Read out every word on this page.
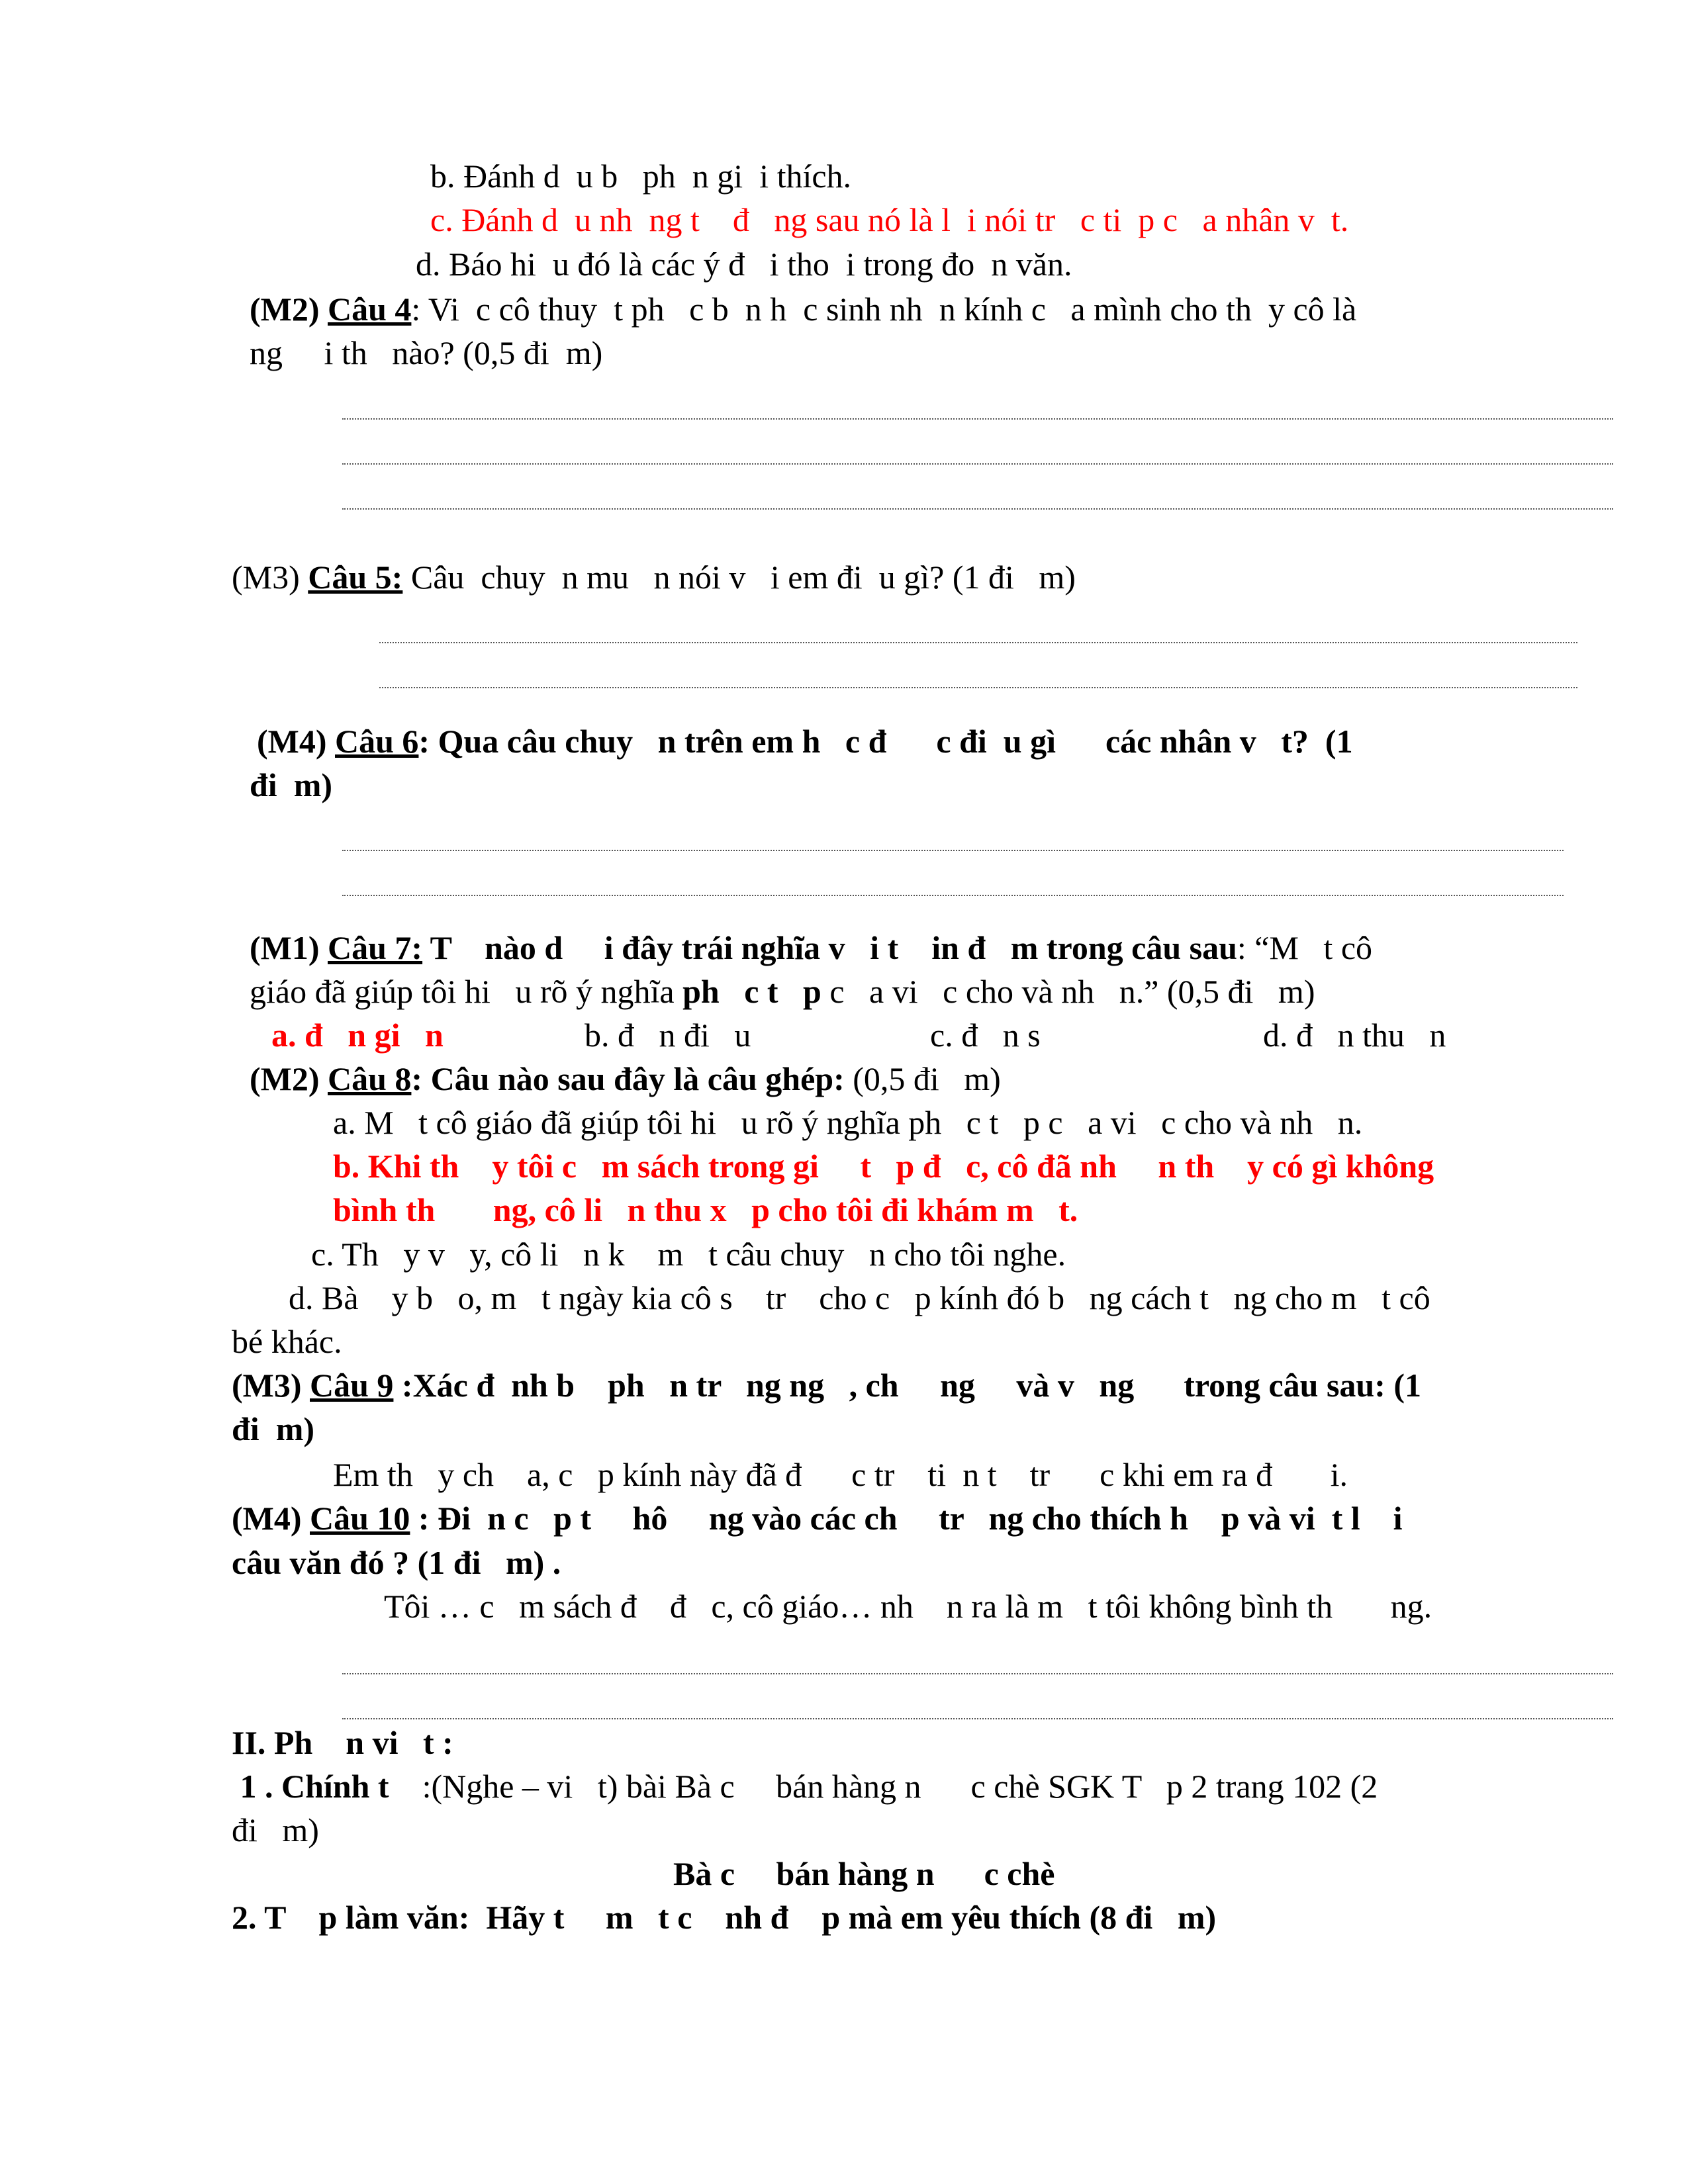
b. Đánh d  u b   ph  n gi  i thích.
c. Đánh d  u nh  ng t    đ   ng sau nó là l  i nói tr   c ti  p c   a nhân v  t.
d. Báo hi  u đó là các ý đ   i tho  i trong đo  n văn.
(M2) Câu 4: Vi  c cô thuy  t ph   c b  n h  c sinh nh  n kính c   a mình cho th  y cô là
ng     i th   nào? (0,5 đi  m)
(M3) Câu 5: Câu  chuy  n mu   n nói v   i em đi  u gì? (1 đi   m)
(M4) Câu 6: Qua câu chuy   n trên em h   c đ      c đi  u gì      các nhân v   t?  (1
đi  m)
(M1) Câu 7: T    nào d     i đây trái nghĩa v   i t    in đ   m trong câu sau: “M   t cô
giáo đã giúp tôi hi   u rõ ý nghĩa ph   c t   p c   a vi   c cho và nh   n.” (0,5 đi   m)
a. đ   n gi   n	b. đ   n đi   u	c. đ   n s	d. đ   n thu   n
(M2) Câu 8: Câu nào sau đây là câu ghép: (0,5 đi   m)
a. M   t cô giáo đã giúp tôi hi   u rõ ý nghĩa ph   c t   p c   a vi   c cho và nh   n.
b. Khi th    y tôi c   m sách trong gi     t   p đ   c, cô đã nh     n th    y có gì không
bình th       ng, cô li   n thu x   p cho tôi đi khám m   t.
c. Th   y v   y, cô li   n k    m   t câu chuy   n cho tôi nghe.
d. Bà    y b   o, m   t ngày kia cô s    tr    cho c   p kính đó b   ng cách t   ng cho m   t cô
bé khác.
(M3) Câu 9 :Xác đ  nh b    ph   n tr   ng ng   , ch     ng     và v   ng      trong câu sau: (1
đi  m)
Em th   y ch    a, c   p kính này đã đ      c tr    ti  n t    tr      c khi em ra đ       i.
(M4) Câu 10 : Đi  n c   p t     hô     ng vào các ch     tr   ng cho thích h    p và vi  t l    i
câu văn đó ? (1 đi   m) .
Tôi … c   m sách đ    đ   c, cô giáo… nh    n ra là m   t tôi không bình th       ng.
II. Ph    n vi   t :
1 . Chính t    :(Nghe – vi   t) bài Bà c     bán hàng n      c chè SGK T   p 2 trang 102 (2
đi   m)
Bà c     bán hàng n      c chè
2. T    p làm văn:  Hãy t     m   t c    nh đ    p mà em yêu thích (8 đi   m)
